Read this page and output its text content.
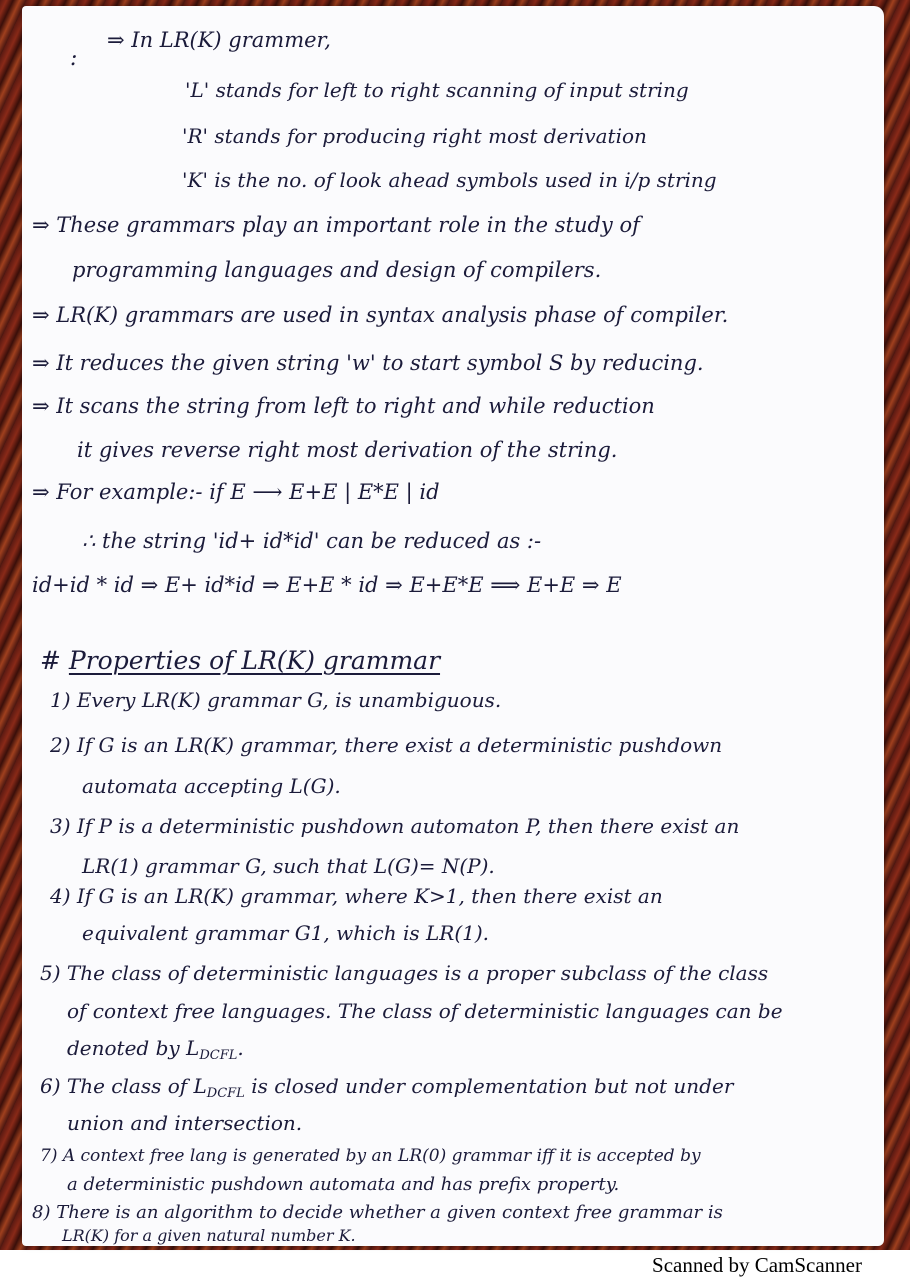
:
⇒ In LR(K) grammer,
'L' stands for left to right scanning of input string
'R' stands for producing right most derivation
'K' is the no. of look ahead symbols used in i/p string
⇒ These grammars play an important role in the study of
programming languages and design of compilers.
⇒ LR(K) grammars are used in syntax analysis phase of compiler.
⇒ It reduces the given string 'w' to start symbol S by reducing.
⇒ It scans the string from left to right and while reduction
it gives reverse right most derivation of the string.
⇒ For example:- if E ⟶ E+E | E*E | id
∴ the string 'id+ id*id' can be reduced as :-
id+id * id ⇒ E+ id*id ⇒ E+E * id ⇒ E+E*E ⟹ E+E ⇒ E
# Properties of LR(K) grammar
1) Every LR(K) grammar G, is unambiguous.
2) If G is an LR(K) grammar, there exist a deterministic pushdown
automata accepting L(G).
3) If P is a deterministic pushdown automaton P, then there exist an
LR(1) grammar G, such that L(G)= N(P).
4) If G is an LR(K) grammar, where K>1, then there exist an
equivalent grammar G1, which is LR(1).
5) The class of deterministic languages is a proper subclass of the class
of context free languages. The class of deterministic languages can be
denoted by $L_{DCFL}$.
6) The class of $L_{DCFL}$ is closed under complementation but not under
union and intersection.
7) A context free lang is generated by an LR(0) grammar iff it is accepted by
a deterministic pushdown automata and has prefix property.
8) There is an algorithm to decide whether a given context free grammar is
LR(K) for a given natural number K.
Scanned by CamScanner
